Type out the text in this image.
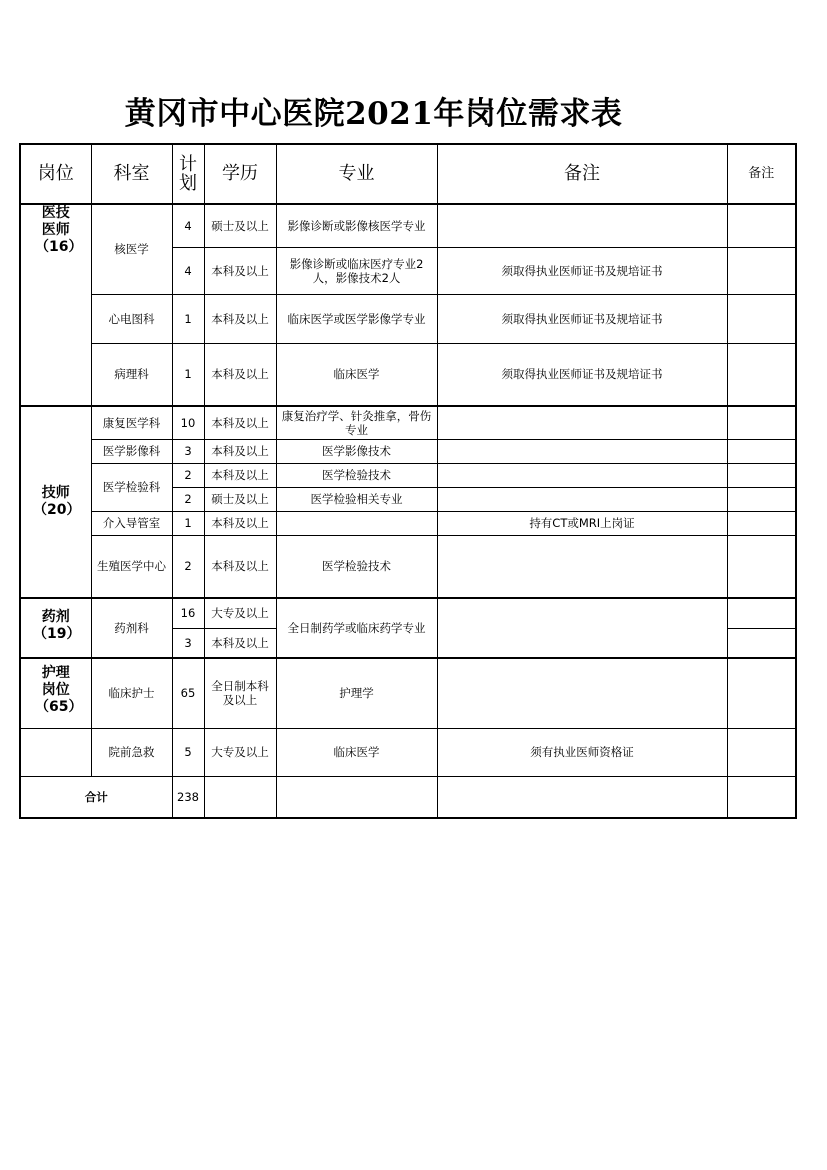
黄冈市中心医院2021年岗位需求表
岗位	科室	计划	学历	专业	备注	备注
医技医师（16）	核医学	4	硕士及以上	影像诊断或影像核医学专业		
		4	本科及以上	影像诊断或临床医疗专业2人，影像技术2人	须取得执业医师证书及规培证书	
	心电图科	1	本科及以上	临床医学或医学影像学专业	须取得执业医师证书及规培证书	
	病理科	1	本科及以上	临床医学	须取得执业医师证书及规培证书	
技师（20）	康复医学科	10	本科及以上	康复治疗学、针灸推拿，骨伤专业		
	医学影像科	3	本科及以上	医学影像技术		
	医学检验科	2	本科及以上	医学检验技术		
		2	硕士及以上	医学检验相关专业		
	介入导管室	1	本科及以上		持有CT或MRI上岗证	
	生殖医学中心	2	本科及以上	医学检验技术		
药剂（19）	药剂科	16	大专及以上	全日制药学或临床药学专业		
		3	本科及以上			
护理岗位（65）	临床护士	65	全日制本科及以上	护理学		
	院前急救	5	大专及以上	临床医学	须有执业医师资格证	
合计		238				
